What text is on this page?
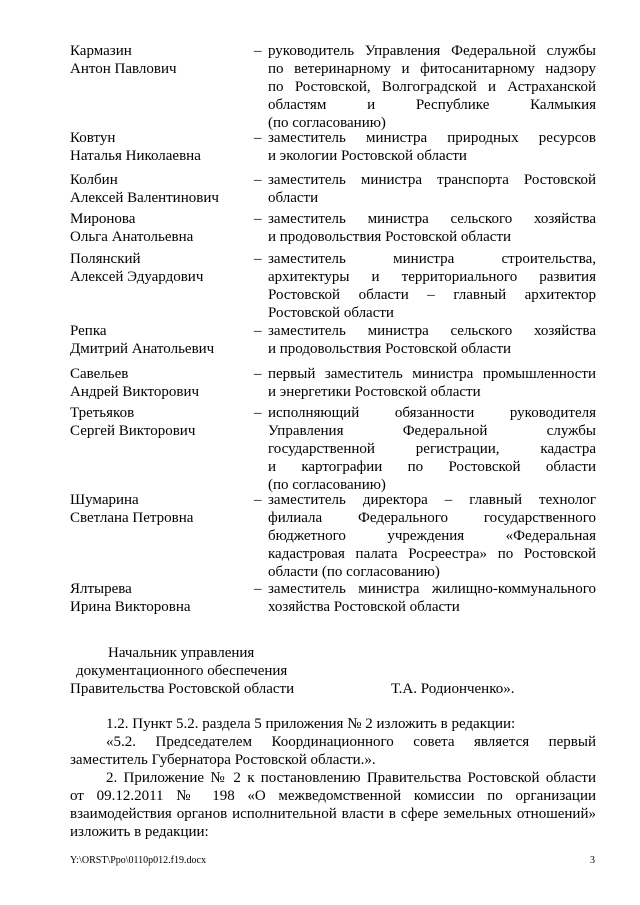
Кармазин
Антон Павлович
– руководитель Управления Федеральной службы
по ветеринарному и фитосанитарному надзору
по Ростовской, Волгоградской и Астраханской
областям и Республике Калмыкия
(по согласованию)
Ковтун
Наталья Николаевна
– заместитель министра природных ресурсов
и экологии Ростовской области
Колбин
Алексей Валентинович
– заместитель министра транспорта Ростовской
области
Миронова
Ольга Анатольевна
– заместитель министра сельского хозяйства
и продовольствия Ростовской области
Полянский
Алексей Эдуардович
– заместитель министра строительства,
архитектуры и территориального развития
Ростовской области – главный архитектор
Ростовской области
Репка
Дмитрий Анатольевич
– заместитель министра сельского хозяйства
и продовольствия Ростовской области
Савельев
Андрей Викторович
– первый заместитель министра промышленности
и энергетики Ростовской области
Третьяков
Сергей Викторович
– исполняющий обязанности руководителя
Управления Федеральной службы
государственной регистрации, кадастра
и картографии по Ростовской области
(по согласованию)
Шумарина
Светлана Петровна
– заместитель директора – главный технолог
филиала Федерального государственного
бюджетного учреждения «Федеральная
кадастровая палата Росреестра» по Ростовской
области (по согласованию)
Ялтырева
Ирина Викторовна
– заместитель министра жилищно-коммунального
хозяйства Ростовской области
Начальник управления
документационного обеспечения
Правительства Ростовской области	Т.А. Родионченко».
1.2. Пункт 5.2. раздела 5 приложения № 2 изложить в редакции:
«5.2. Председателем Координационного совета является первый
заместитель Губернатора Ростовской области.».
2. Приложение № 2 к постановлению Правительства Ростовской области
от 09.12.2011 № 198 «О межведомственной комиссии по организации
взаимодействия органов исполнительной власти в сфере земельных отношений»
изложить в редакции:
Y:\ORST\Ppo\0110p012.f19.docx	3
